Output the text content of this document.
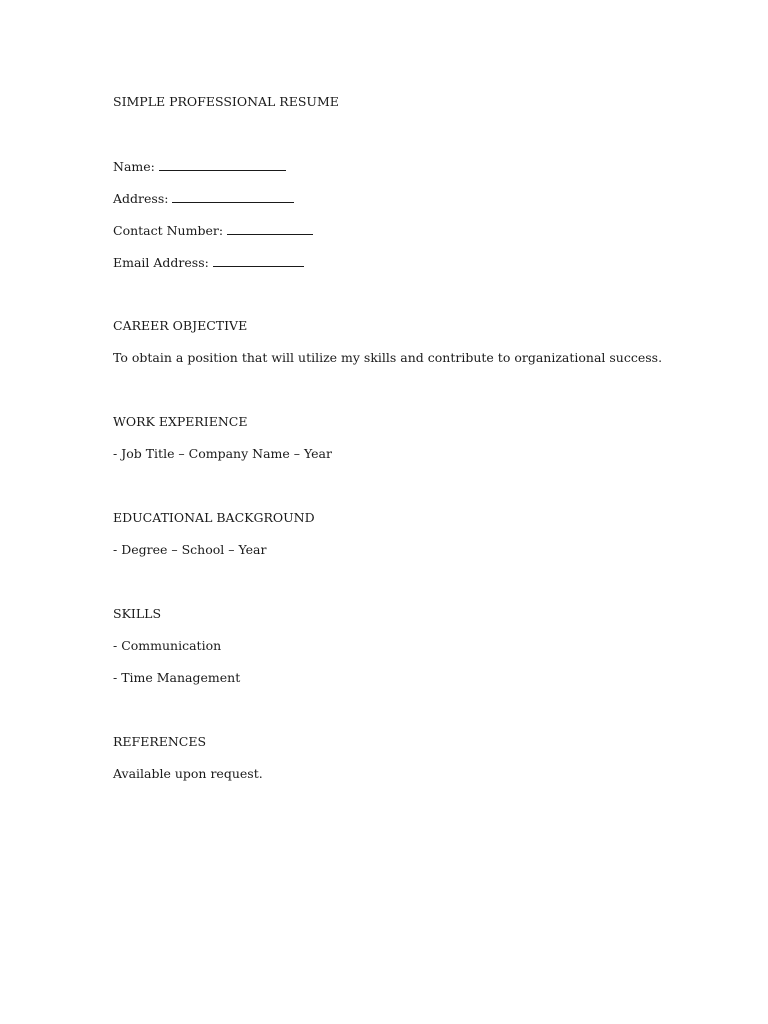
SIMPLE PROFESSIONAL RESUME
Name:
Address:
Contact Number:
Email Address:
CAREER OBJECTIVE
To obtain a position that will utilize my skills and contribute to organizational success.
WORK EXPERIENCE
- Job Title – Company Name – Year
EDUCATIONAL BACKGROUND
- Degree – School – Year
SKILLS
- Communication
- Time Management
REFERENCES
Available upon request.
